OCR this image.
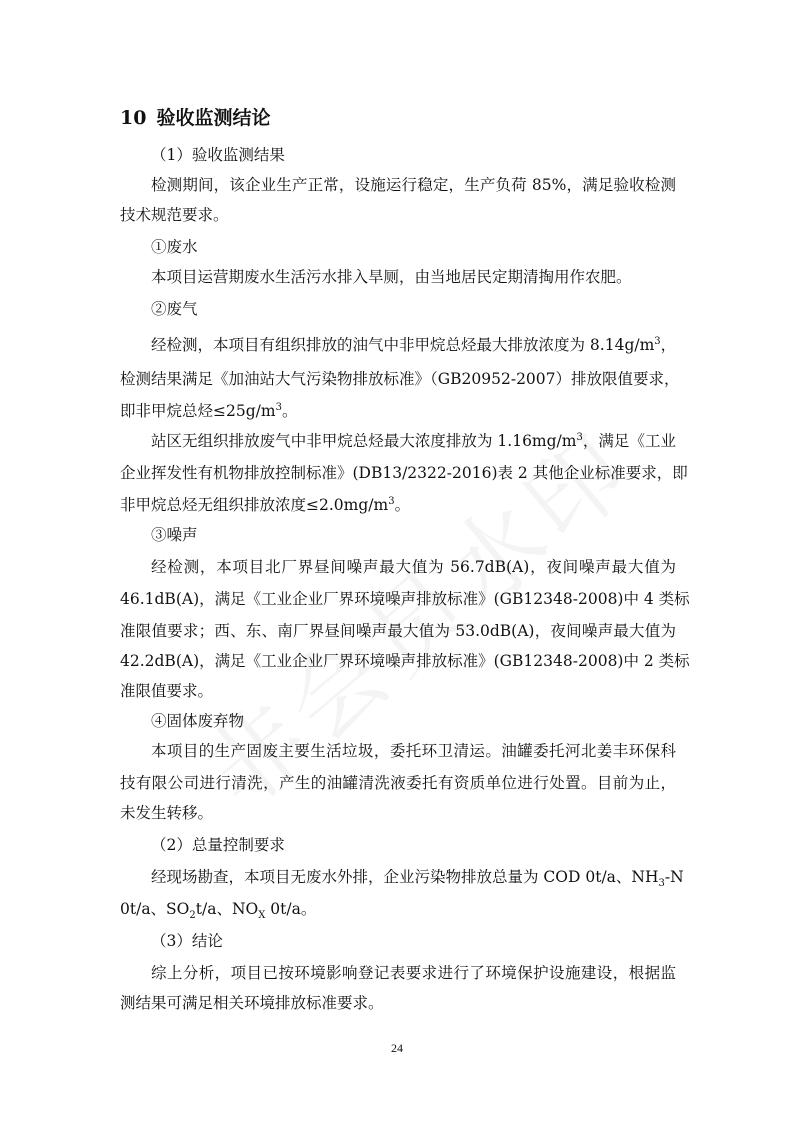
10 验收监测结论
（1）验收监测结果
检测期间，该企业生产正常，设施运行稳定，生产负荷 85%，满足验收检测
技术规范要求。
①废水
本项目运营期废水生活污水排入旱厕，由当地居民定期清掏用作农肥。
②废气
经检测，本项目有组织排放的油气中非甲烷总烃最大排放浓度为 $8.14g/m^3$，
检测结果满足《加油站大气污染物排放标准》（GB20952-2007）排放限值要求，
即非甲烷总烃$\le 25g/m^3$。
站区无组织排放废气中非甲烷总烃最大浓度排放为 $1.16mg/m^3$，满足《工业
企业挥发性有机物排放控制标准》(DB13/2322-2016)表 2 其他企业标准要求，即
非甲烷总烃无组织排放浓度$\le 2.0mg/m^3$。
③噪声
经检测，本项目北厂界昼间噪声最大值为 56.7dB(A)，夜间噪声最大值为
46.1dB(A)，满足《工业企业厂界环境噪声排放标准》(GB12348-2008)中 4 类标
准限值要求；西、东、南厂界昼间噪声最大值为 53.0dB(A)，夜间噪声最大值为
42.2dB(A)，满足《工业企业厂界环境噪声排放标准》(GB12348-2008)中 2 类标
准限值要求。
④固体废弃物
本项目的生产固废主要生活垃圾，委托环卫清运。油罐委托河北姜丰环保科
技有限公司进行清洗，产生的油罐清洗液委托有资质单位进行处置。目前为止，
未发生转移。
（2）总量控制要求
经现场勘查，本项目无废水外排，企业污染物排放总量为 COD 0t/a、$NH_3-N$
0t/a、$SO_2t/a$、$NO_X$ 0t/a。
（3）结论
综上分析，项目已按环境影响登记表要求进行了环境保护设施建设，根据监
测结果可满足相关环境排放标准要求。
24
